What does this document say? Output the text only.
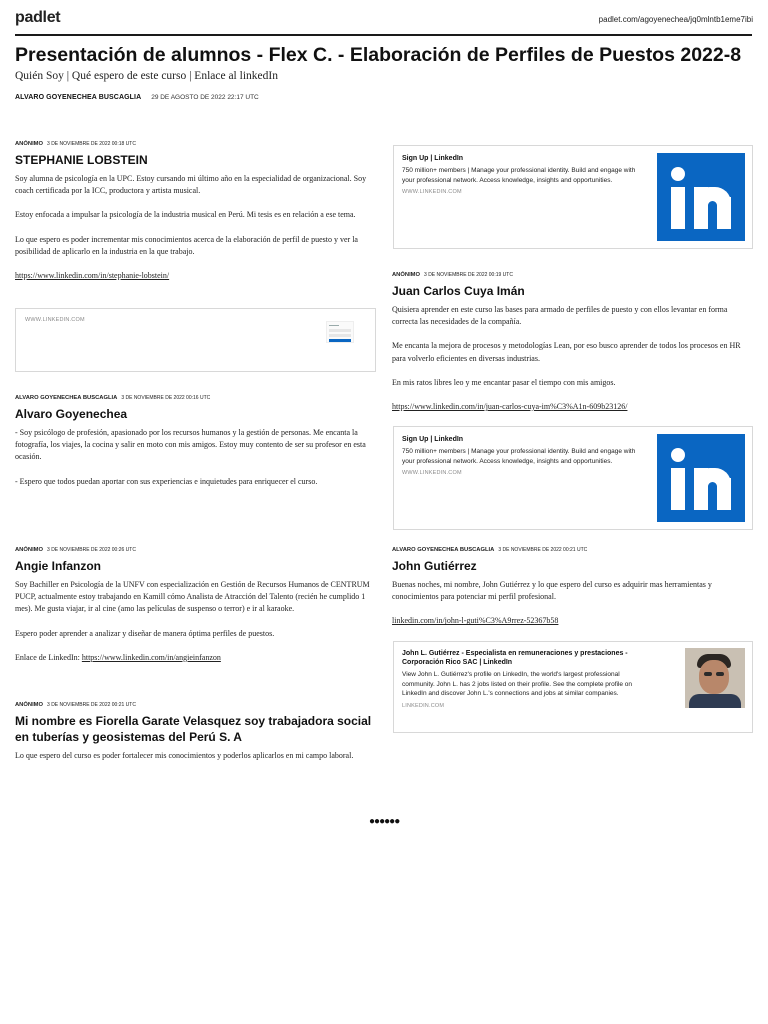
padlet	padlet.com/agoyenechea/jq0mlntb1eme7ibi
Presentación de alumnos - Flex C. - Elaboración de Perfiles de Puestos 2022-8
Quién Soy | Qué espero de este curso | Enlace al linkedIn
ALVARO GOYENECHEA BUSCAGLIA 29 DE AGOSTO DE 2022 22:17 UTC
ANÓNIMO 3 DE NOVIEMBRE DE 2022 00:18 UTC
STEPHANIE LOBSTEIN

Soy alumna de psicología en la UPC. Estoy cursando mi último año en la especialidad de organizacional. Soy coach certificada por la ICC, productora y artista musical.

Estoy enfocada a impulsar la psicología de la industria musical en Perú. Mi tesis es en relación a ese tema.

Lo que espero es poder incrementar mis conocimientos acerca de la elaboración de perfil de puesto y ver la posibilidad de aplicarlo en la industria en la que trabajo.

https://www.linkedin.com/in/stephanie-lobstein/

WWW.LINKEDIN.COM
ALVARO GOYENECHEA BUSCAGLIA 3 DE NOVIEMBRE DE 2022 00:16 UTC
Alvaro Goyenechea

- Soy psicólogo de profesión, apasionado por los recursos humanos y la gestión de personas. Me encanta la fotografía, los viajes, la cocina y salir en moto con mis amigos. Estoy muy contento de ser su profesor en esta ocasión.

- Espero que todos puedan aportar con sus experiencias e inquietudes para enriquecer el curso.

ANÓNIMO 3 DE NOVIEMBRE DE 2022 00:26 UTC
Angie Infanzon

Soy Bachiller en Psicología de la UNFV con especialización en Gestión de Recursos Humanos de CENTRUM PUCP, actualmente estoy trabajando en Kamill cómo Analista de Atracción del Talento (recién he cumplido 1 mes). Me gusta viajar, ir al cine (amo las películas de suspenso o terror) e ir al karaoke.

Espero poder aprender a analizar y diseñar de manera óptima perfiles de puestos.

Enlace de LinkedIn: https://www.linkedin.com/in/angieinfanzon

ANÓNIMO 3 DE NOVIEMBRE DE 2022 00:21 UTC
Mi nombre es Fiorella Garate Velasquez soy trabajadora social en tuberías y geosistemas del Perú S. A

Lo que espero del curso es poder fortalecer mis conocimientos y poderlos aplicarlos en mi campo laboral.

Sign Up | LinkedIn
750 million+ members | Manage your professional identity. Build and engage with your professional network. Access knowledge, insights and opportunities.
WWW.LINKEDIN.COM
ANÓNIMO 3 DE NOVIEMBRE DE 2022 00:19 UTC
Juan Carlos Cuya Imán

Quisiera aprender en este curso las bases para armado de perfiles de puesto y con ellos levantar en forma correcta las necesidades de la compañía.

Me encanta la mejora de procesos y metodologías Lean, por eso busco aprender de todos los procesos en HR para volverlo eficientes en diversas industrias.

En mis ratos libres leo y me encantar pasar el tiempo con mis amigos.

https://www.linkedin.com/in/juan-carlos-cuya-im%C3%A1n-609b23126/

Sign Up | LinkedIn
750 million+ members | Manage your professional identity. Build and engage with your professional network. Access knowledge, insights and opportunities.
WWW.LINKEDIN.COM
ALVARO GOYENECHEA BUSCAGLIA 3 DE NOVIEMBRE DE 2022 00:21 UTC
John Gutiérrez

Buenas noches, mi nombre, John Gutiérrez y lo que espero del curso es adquirir mas herramientas y conocimientos para potenciar mi perfil profesional.

linkedin.com/in/john-l-guti%C3%A9rrez-52367b58

John L. Gutiérrez - Especialista en remuneraciones y prestaciones - Corporación Rico SAC | LinkedIn
View John L. Gutiérrez's profile on LinkedIn, the world's largest professional community. John L. has 2 jobs listed on their profile. See the complete profile on LinkedIn and discover John L.'s connections and jobs at similar companies.
LINKEDIN.COM
●●●●●●
